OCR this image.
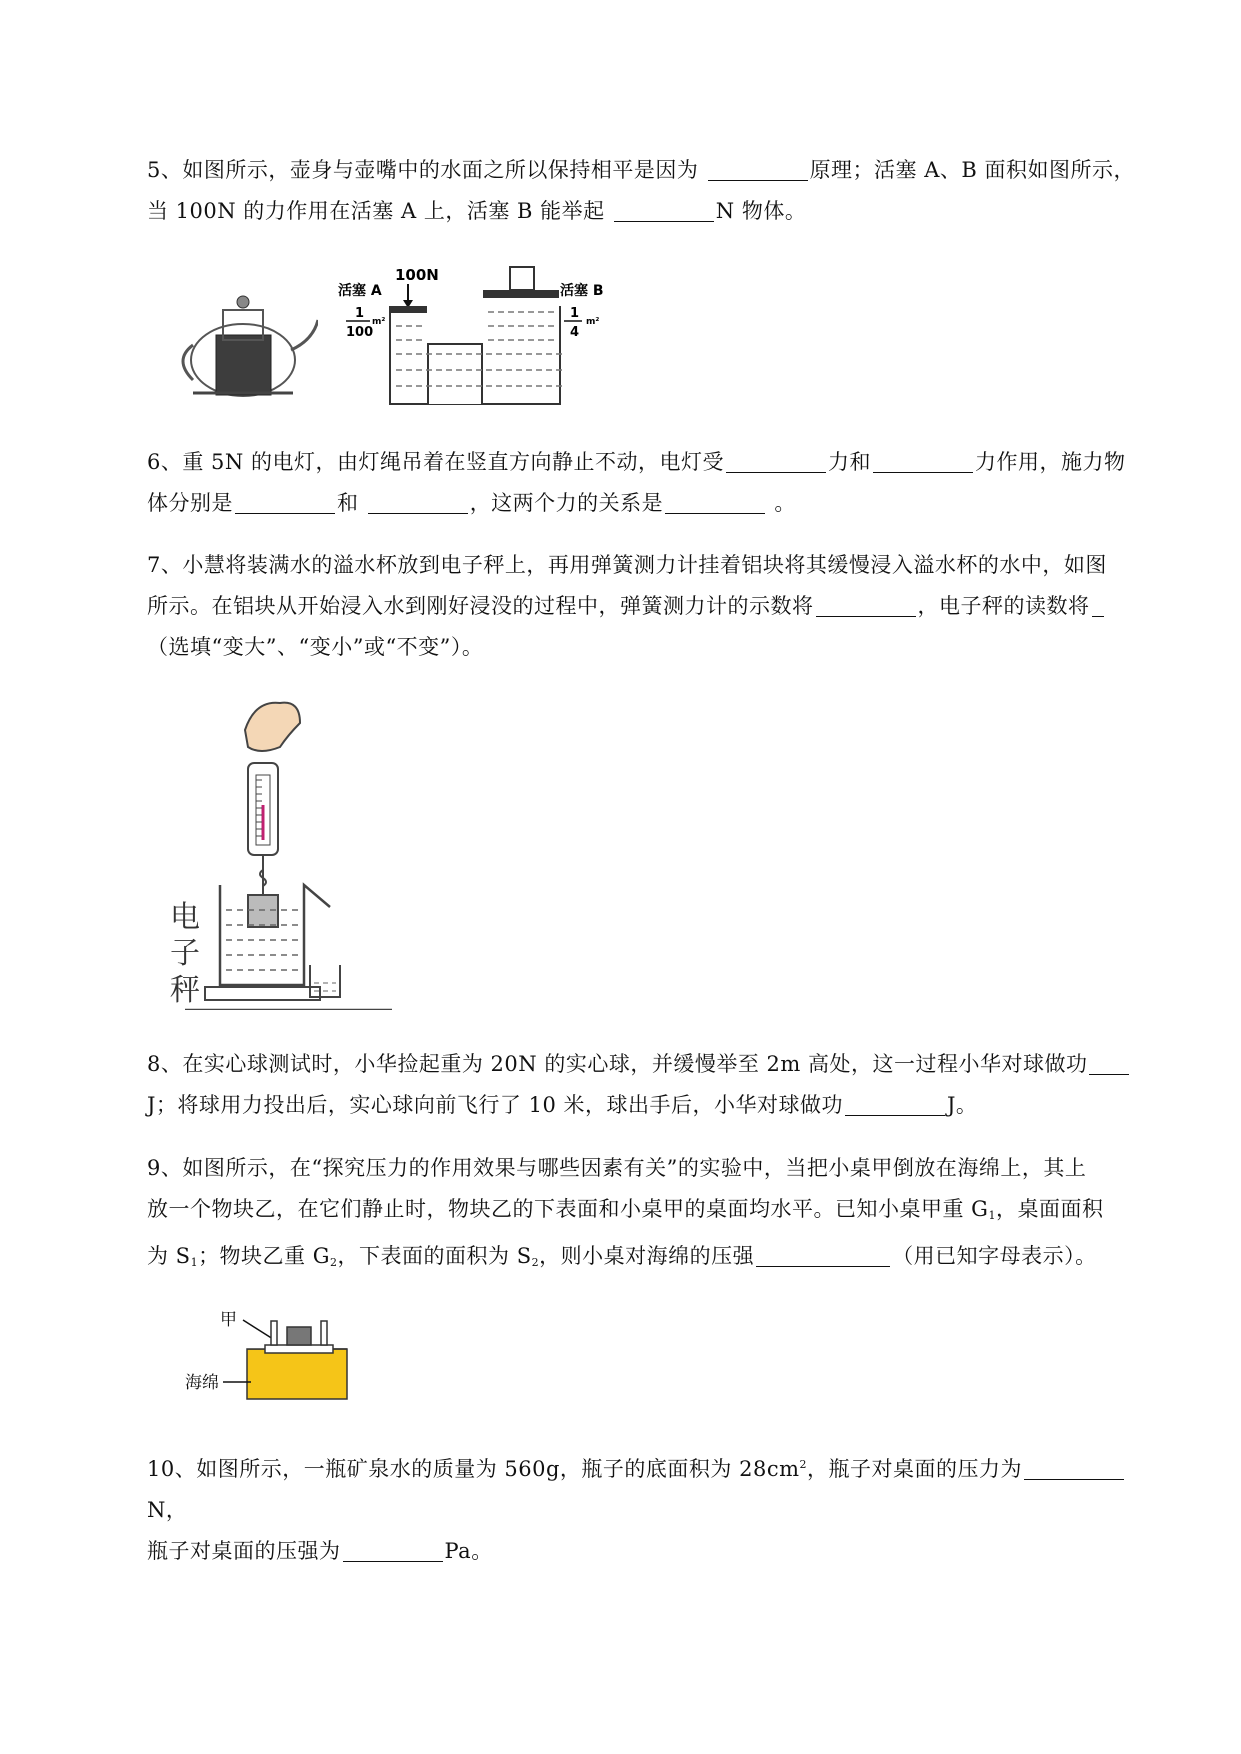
5、如图所示，壶身与壶嘴中的水面之所以保持相平是因为	原理；活塞 A、B 面积如图所示，
当 100N 的力作用在活塞 A 上，活塞 B 能举起	N 物体。
100N
活塞 A
1
100
m²
活塞 B
1
4
m²
6、重 5N 的电灯，由灯绳吊着在竖直方向静止不动，电灯受	力和	力作用，施力物
体分别是	和	，这两个力的关系是	。
7、小慧将装满水的溢水杯放到电子秤上，再用弹簧测力计挂着铝块将其缓慢浸入溢水杯的水中，如图
所示。在铝块从开始浸入水到刚好浸没的过程中，弹簧测力计的示数将	，电子秤的读数将
（选填“变大”、“变小”或“不变”）。
电
子
秤
8、在实心球测试时，小华捡起重为 20N 的实心球，并缓慢举至 2m 高处，这一过程小华对球做功
J；将球用力投出后，实心球向前飞行了 10 米，球出手后，小华对球做功	J。
9、如图所示，在“探究压力的作用效果与哪些因素有关”的实验中，当把小桌甲倒放在海绵上，其上
放一个物块乙，在它们静止时，物块乙的下表面和小桌甲的桌面均水平。已知小桌甲重 $G_1$，桌面面积
为 $S_1$；物块乙重 $G_2$，下表面的面积为 $S_2$，则小桌对海绵的压强	（用已知字母表示）。
甲
海绵
10、如图所示，一瓶矿泉水的质量为 560g，瓶子的底面积为 $28cm^2$，瓶子对桌面的压力为N，
瓶子对桌面的压强为	Pa。
